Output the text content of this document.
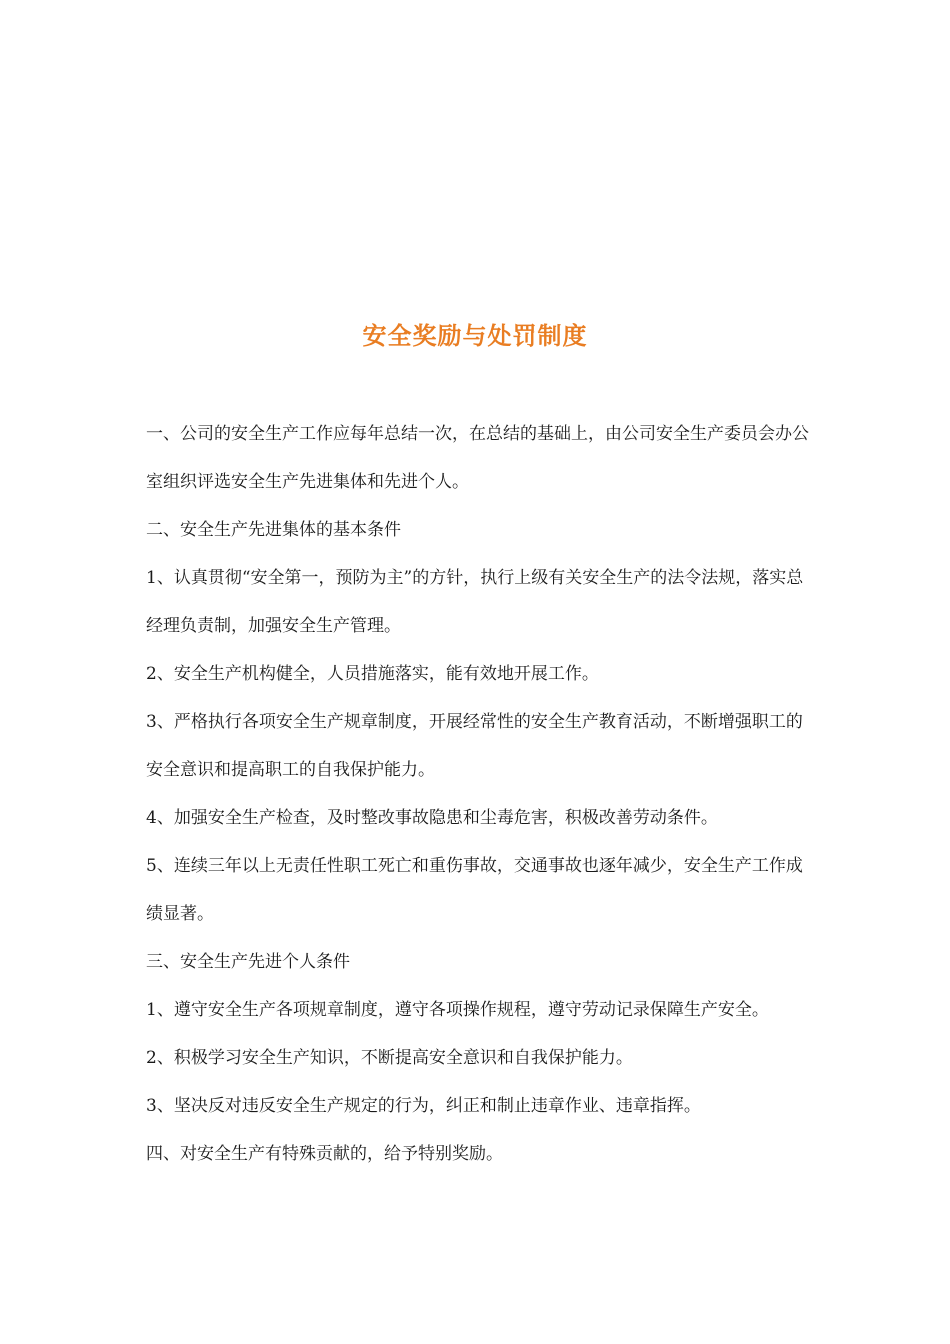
安全奖励与处罚制度

一、公司的安全生产工作应每年总结一次，在总结的基础上，由公司安全生产委员会办公室组织评选安全生产先进集体和先进个人。

二、安全生产先进集体的基本条件

1、认真贯彻“安全第一，预防为主”的方针，执行上级有关安全生产的法令法规，落实总经理负责制，加强安全生产管理。

2、安全生产机构健全，人员措施落实，能有效地开展工作。

3、严格执行各项安全生产规章制度，开展经常性的安全生产教育活动，不断增强职工的安全意识和提高职工的自我保护能力。

4、加强安全生产检查，及时整改事故隐患和尘毒危害，积极改善劳动条件。

5、连续三年以上无责任性职工死亡和重伤事故，交通事故也逐年减少，安全生产工作成绩显著。

三、安全生产先进个人条件

1、遵守安全生产各项规章制度，遵守各项操作规程，遵守劳动记录保障生产安全。

2、积极学习安全生产知识，不断提高安全意识和自我保护能力。

3、坚决反对违反安全生产规定的行为，纠正和制止违章作业、违章指挥。

四、对安全生产有特殊贡献的，给予特别奖励。
